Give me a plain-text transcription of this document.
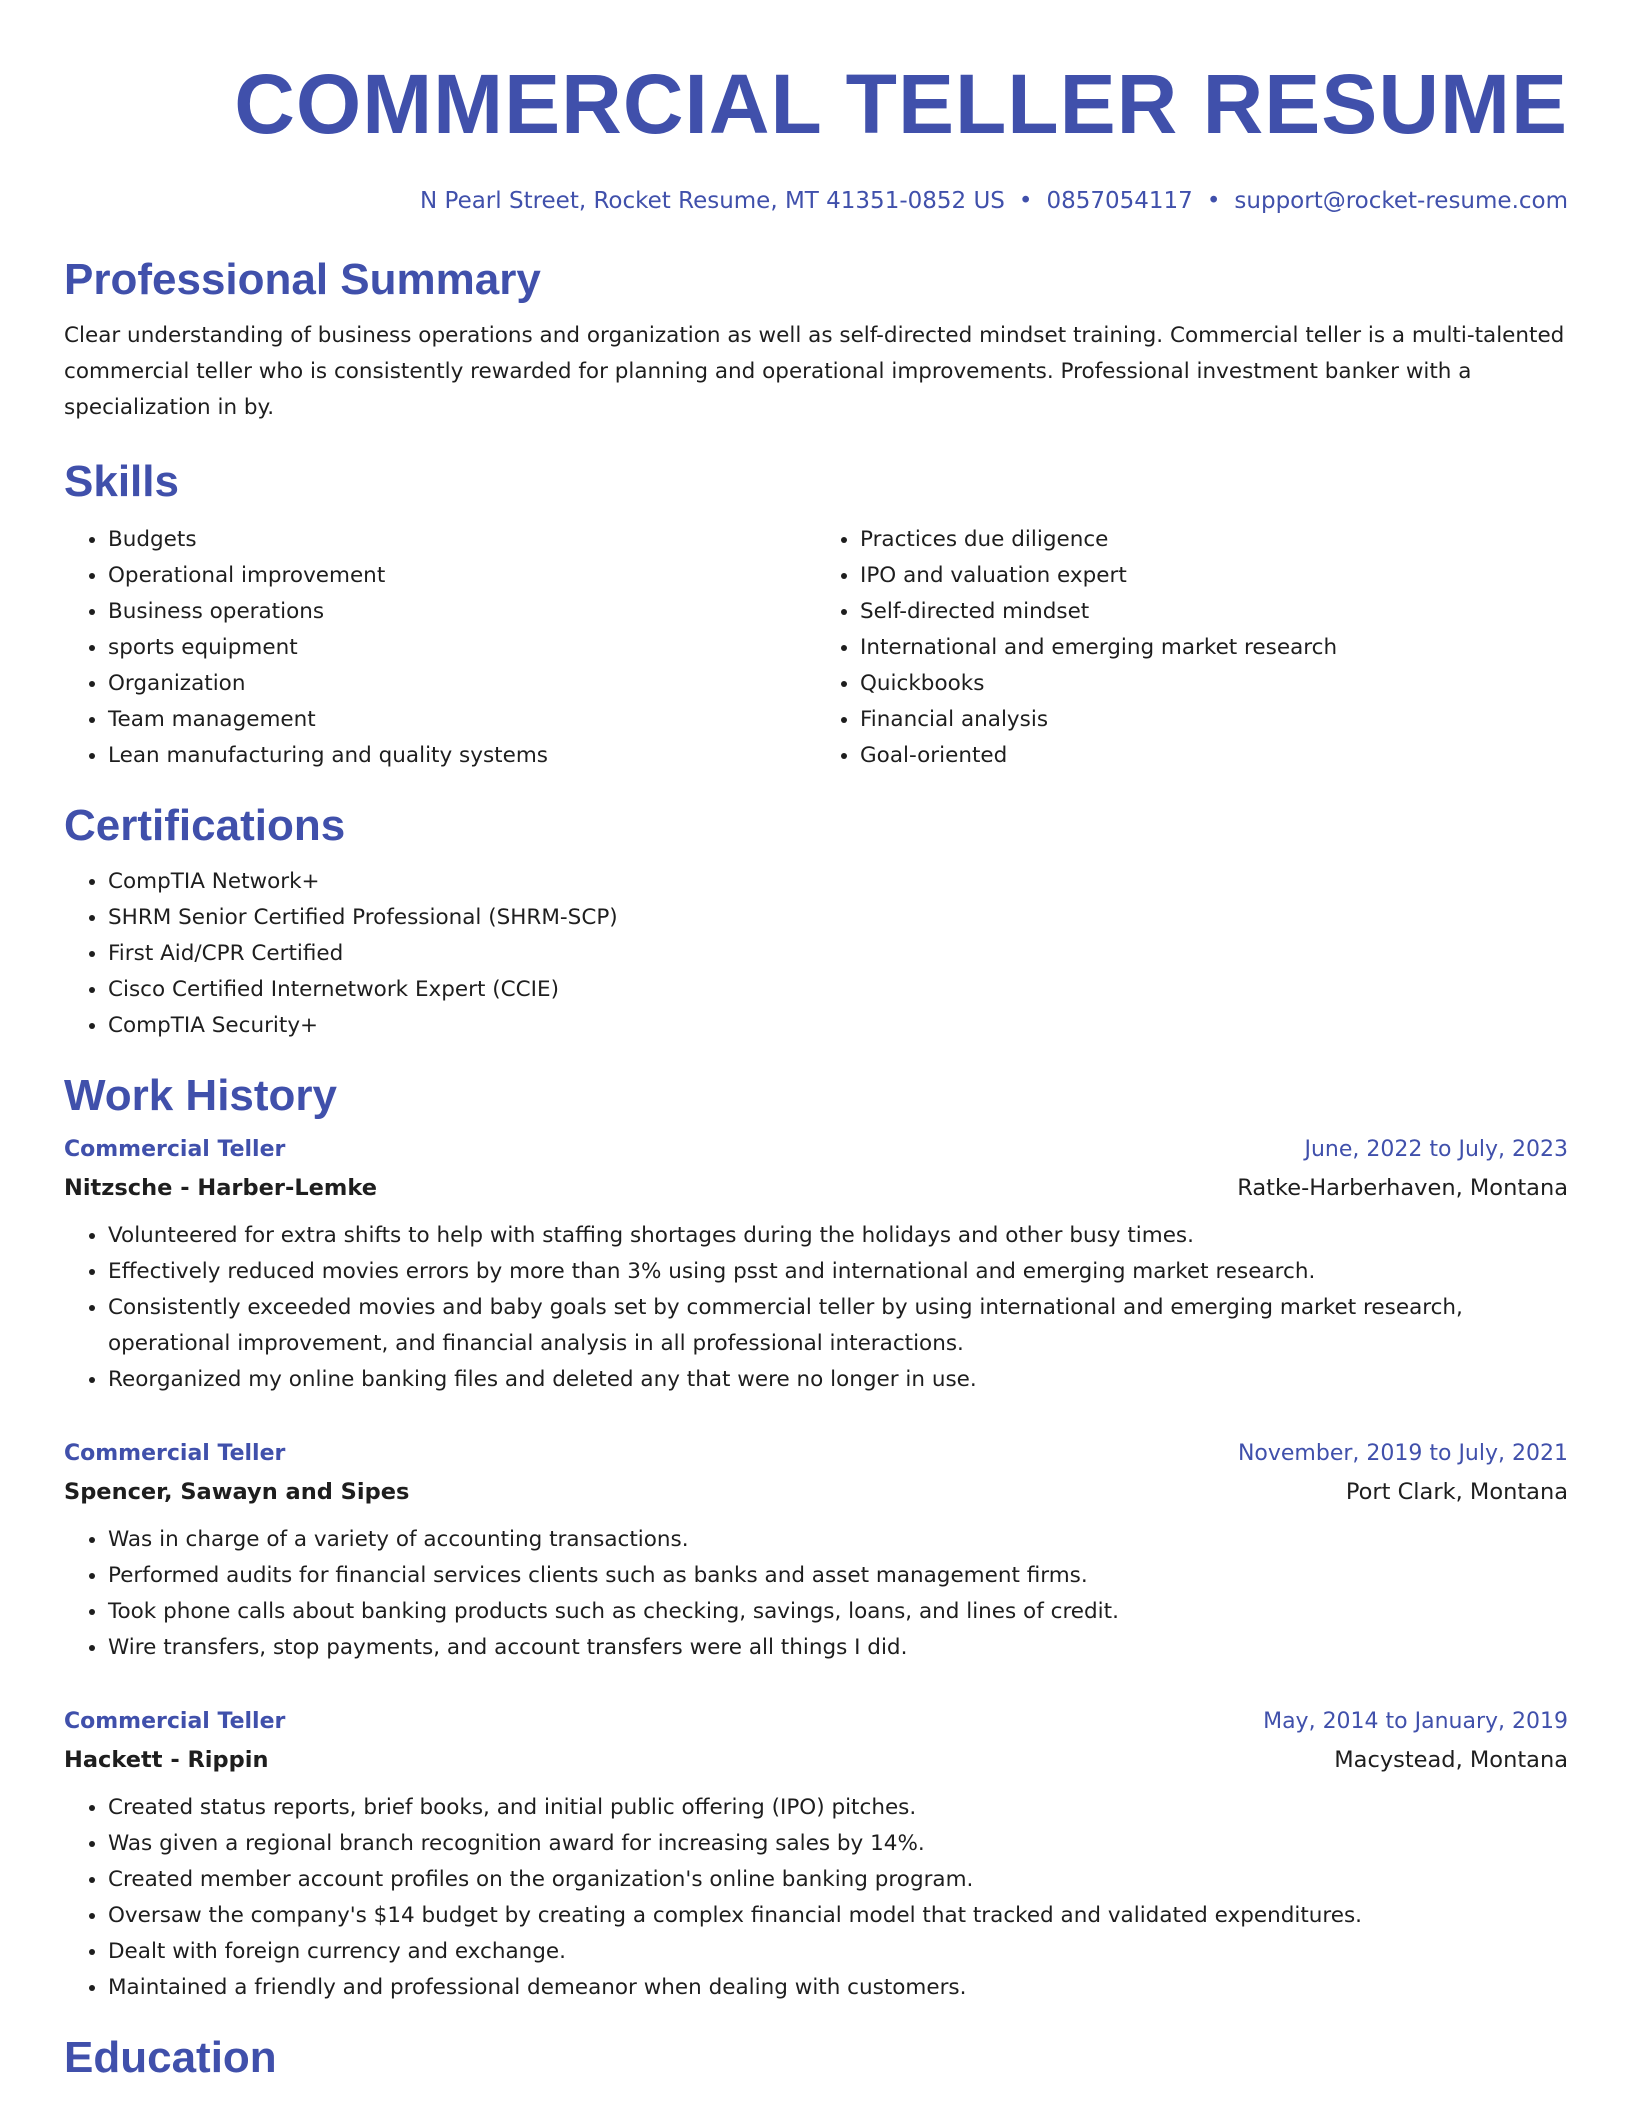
COMMERCIAL TELLER RESUME
N Pearl Street, Rocket Resume, MT 41351-0852 US • 0857054117 • support@rocket-resume.com
Professional Summary
Clear understanding of business operations and organization as well as self-directed mindset training. Commercial teller is a multi-talented commercial teller who is consistently rewarded for planning and operational improvements. Professional investment banker with a specialization in by.
Skills
• Budgets
• Operational improvement
• Business operations
• sports equipment
• Organization
• Team management
• Lean manufacturing and quality systems
• Practices due diligence
• IPO and valuation expert
• Self-directed mindset
• International and emerging market research
• Quickbooks
• Financial analysis
• Goal-oriented
Certifications
• CompTIA Network+
• SHRM Senior Certified Professional (SHRM-SCP)
• First Aid/CPR Certified
• Cisco Certified Internetwork Expert (CCIE)
• CompTIA Security+
Work History
Commercial Teller	June, 2022 to July, 2023
Nitzsche - Harber-Lemke	Ratke-Harberhaven, Montana
• Volunteered for extra shifts to help with staffing shortages during the holidays and other busy times.
• Effectively reduced movies errors by more than 3% using psst and international and emerging market research.
• Consistently exceeded movies and baby goals set by commercial teller by using international and emerging market research, operational improvement, and financial analysis in all professional interactions.
• Reorganized my online banking files and deleted any that were no longer in use.
Commercial Teller	November, 2019 to July, 2021
Spencer, Sawayn and Sipes	Port Clark, Montana
• Was in charge of a variety of accounting transactions.
• Performed audits for financial services clients such as banks and asset management firms.
• Took phone calls about banking products such as checking, savings, loans, and lines of credit.
• Wire transfers, stop payments, and account transfers were all things I did.
Commercial Teller	May, 2014 to January, 2019
Hackett - Rippin	Macystead, Montana
• Created status reports, brief books, and initial public offering (IPO) pitches.
• Was given a regional branch recognition award for increasing sales by 14%.
• Created member account profiles on the organization's online banking program.
• Oversaw the company's $14 budget by creating a complex financial model that tracked and validated expenditures.
• Dealt with foreign currency and exchange.
• Maintained a friendly and professional demeanor when dealing with customers.
Education
